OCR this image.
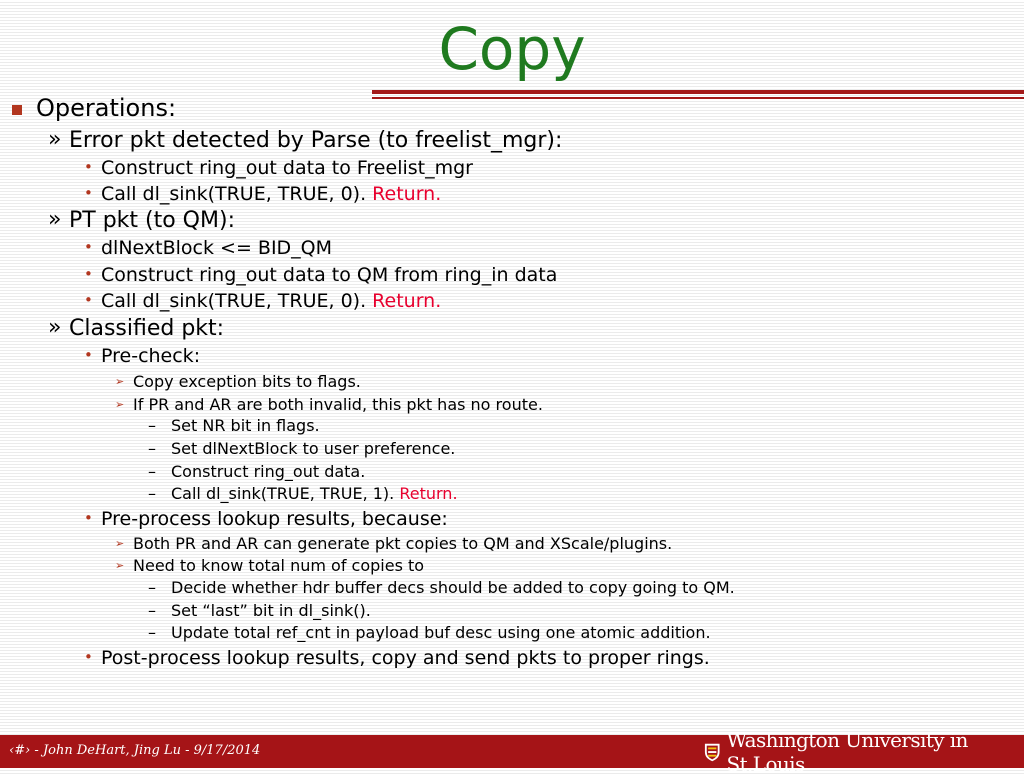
Copy
Operations:
» Error pkt detected by Parse (to freelist_mgr):
• Construct ring_out data to Freelist_mgr
• Call dl_sink(TRUE, TRUE, 0). Return.
» PT pkt (to QM):
• dlNextBlock <= BID_QM
• Construct ring_out data to QM from ring_in data
• Call dl_sink(TRUE, TRUE, 0). Return.
» Classified pkt:
• Pre-check:
➢ Copy exception bits to flags.
➢ If PR and AR are both invalid, this pkt has no route.
– Set NR bit in flags.
– Set dlNextBlock to user preference.
– Construct ring_out data.
– Call dl_sink(TRUE, TRUE, 1). Return.
• Pre-process lookup results, because:
➢ Both PR and AR can generate pkt copies to QM and XScale/plugins.
➢ Need to know total num of copies to
– Decide whether hdr buffer decs should be added to copy going to QM.
– Set “last” bit in dl_sink().
– Update total ref_cnt in payload buf desc using one atomic addition.
• Post-process lookup results, copy and send pkts to proper rings.
‹#› - John DeHart, Jing Lu - 9/17/2014	Washington University in St.Louis
